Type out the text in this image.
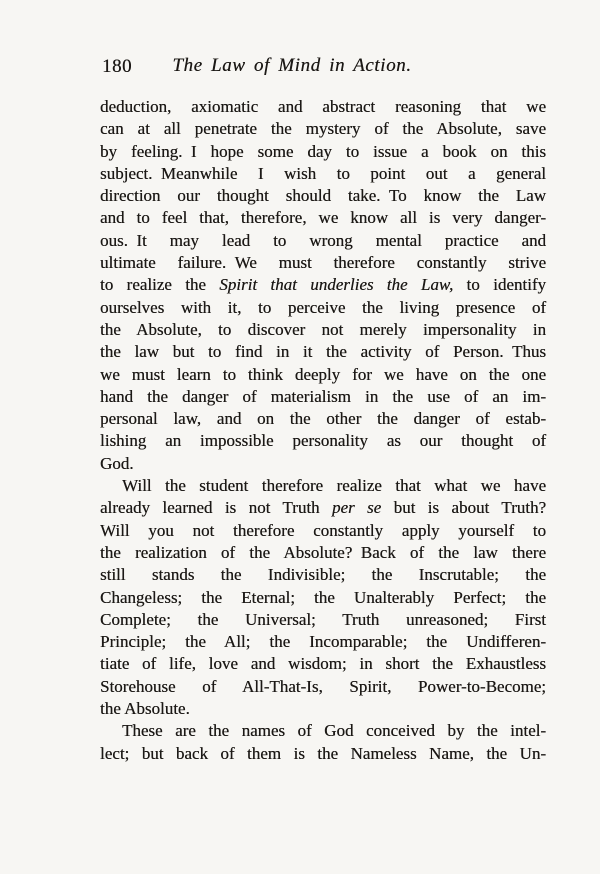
180	The Law of Mind in Action.
deduction, axiomatic and abstract reasoning that we
can at all penetrate the mystery of the Absolute, save
by feeling. I hope some day to issue a book on this
subject. Meanwhile I wish to point out a general
direction our thought should take. To know the Law
and to feel that, therefore, we know all is very danger-
ous. It may lead to wrong mental practice and
ultimate failure. We must therefore constantly strive
to realize the Spirit that underlies the Law, to identify
ourselves with it, to perceive the living presence of
the Absolute, to discover not merely impersonality in
the law but to find in it the activity of Person. Thus
we must learn to think deeply for we have on the one
hand the danger of materialism in the use of an im-
personal law, and on the other the danger of estab-
lishing an impossible personality as our thought of
God.
Will the student therefore realize that what we have
already learned is not Truth per se but is about Truth?
Will you not therefore constantly apply yourself to
the realization of the Absolute? Back of the law there
still stands the Indivisible; the Inscrutable; the
Changeless; the Eternal; the Unalterably Perfect; the
Complete; the Universal; Truth unreasoned; First
Principle; the All; the Incomparable; the Undifferen-
tiate of life, love and wisdom; in short the Exhaustless
Storehouse of All-That-Is, Spirit, Power-to-Become;
the Absolute.
These are the names of God conceived by the intel-
lect; but back of them is the Nameless Name, the Un-
